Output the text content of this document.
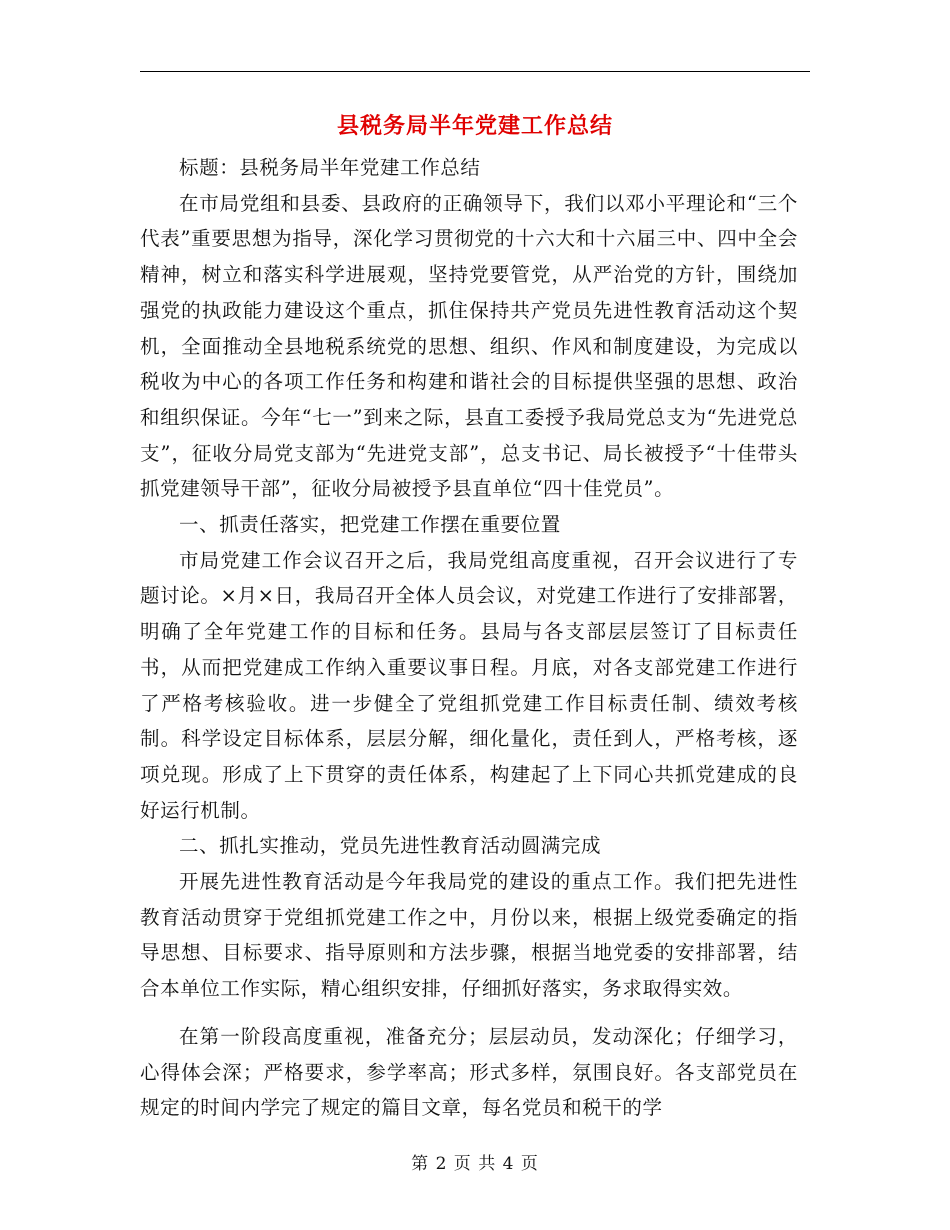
县税务局半年党建工作总结

标题：县税务局半年党建工作总结

在市局党组和县委、县政府的正确领导下，我们以邓小平理论和“三个代表”重要思想为指导，深化学习贯彻党的十六大和十六届三中、四中全会精神，树立和落实科学进展观，坚持党要管党，从严治党的方针，围绕加强党的执政能力建设这个重点，抓住保持共产党员先进性教育活动这个契机，全面推动全县地税系统党的思想、组织、作风和制度建设，为完成以税收为中心的各项工作任务和构建和谐社会的目标提供坚强的思想、政治和组织保证。今年“七一”到来之际，县直工委授予我局党总支为“先进党总支”，征收分局党支部为“先进党支部”，总支书记、局长被授予“十佳带头抓党建领导干部”，征收分局被授予县直单位“四十佳党员”。

一、抓责任落实，把党建工作摆在重要位置

市局党建工作会议召开之后，我局党组高度重视，召开会议进行了专题讨论。×月×日，我局召开全体人员会议，对党建工作进行了安排部署，明确了全年党建工作的目标和任务。县局与各支部层层签订了目标责任书，从而把党建成工作纳入重要议事日程。月底，对各支部党建工作进行了严格考核验收。进一步健全了党组抓党建工作目标责任制、绩效考核制。科学设定目标体系，层层分解，细化量化，责任到人，严格考核，逐项兑现。形成了上下贯穿的责任体系，构建起了上下同心共抓党建成的良好运行机制。

二、抓扎实推动，党员先进性教育活动圆满完成

开展先进性教育活动是今年我局党的建设的重点工作。我们把先进性教育活动贯穿于党组抓党建工作之中，月份以来，根据上级党委确定的指导思想、目标要求、指导原则和方法步骤，根据当地党委的安排部署，结合本单位工作实际，精心组织安排，仔细抓好落实，务求取得实效。

在第一阶段高度重视，准备充分；层层动员，发动深化；仔细学习，心得体会深；严格要求，参学率高；形式多样，氛围良好。各支部党员在规定的时间内学完了规定的篇目文章，每名党员和税干的学

第 2 页 共 4 页
